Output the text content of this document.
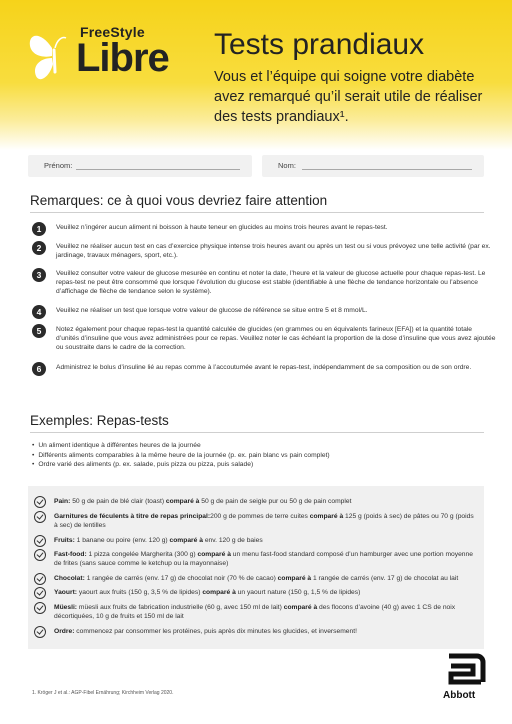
FreeStyle
Libre Tests prandiaux

Vous et l’équipe qui soigne votre diabète avez remarqué qu’il serait utile de réaliser des tests prandiaux¹.

Prénom:	Nom:
Remarques: ce à quoi vous devriez faire attention
1	Veuillez n’ingérer aucun aliment ni boisson à haute teneur en glucides au moins trois heures avant le repas-test.

2	Veuillez ne réaliser aucun test en cas d’exercice physique intense trois heures avant ou après un test ou si vous prévoyez une telle activité (par ex. jardinage, travaux ménagers, sport, etc.).

3	Veuillez consulter votre valeur de glucose mesurée en continu et noter la date, l’heure et la valeur de glucose actuelle pour chaque repas-test. Le repas-test ne peut être consommé que lorsque l’évolution du glucose est stable (identifiable à une flèche de tendance horizontale ou l’absence d’affichage de flèche de tendance selon le système).

4	Veuillez ne réaliser un test que lorsque votre valeur de glucose de référence se situe entre 5 et 8 mmol/L.

5	Notez également pour chaque repas-test la quantité calculée de glucides (en grammes ou en équivalents farineux [EFA]) et la quantité totale d’unités d’insuline que vous avez administrées pour ce repas. Veuillez noter le cas échéant la proportion de la dose d’insuline que vous avez ajoutée ou soustraite dans le cadre de la correction.

6	Administrez le bolus d’insuline lié au repas comme à l’accoutumée avant le repas-test, indépendamment de sa composition ou de son ordre.

Exemples: Repas-tests
• Un aliment identique à différentes heures de la journée
• Différents aliments comparables à la même heure de la journée (p. ex. pain blanc vs pain complet)
• Ordre varié des aliments (p. ex. salade, puis pizza ou pizza, puis salade)

Pain: 50 g de pain de blé clair (toast) comparé à 50 g de pain de seigle pur ou 50 g de pain complet

Garnitures de féculents à titre de repas principal:200 g de pommes de terre cuites comparé à 125 g (poids à sec) de pâtes ou 70 g (poids à sec) de lentilles

Fruits: 1 banane ou poire (env. 120 g) comparé à env. 120 g de baies

Fast-food: 1 pizza congelée Margherita (300 g) comparé à un menu fast-food standard composé d’un hamburger avec une portion moyenne de frites (sans sauce comme le ketchup ou la mayonnaise)

Chocolat: 1 rangée de carrés (env. 17 g) de chocolat noir (70 % de cacao) comparé à 1 rangée de carrés (env. 17 g) de chocolat au lait

Yaourt: yaourt aux fruits (150 g, 3,5 % de lipides) comparé à un yaourt nature (150 g, 1,5 % de lipides)

Müesli: müesli aux fruits de fabrication industrielle (60 g, avec 150 ml de lait) comparé à des flocons d’avoine (40 g) avec 1 CS de noix décortiquées, 10 g de fruits et 150 ml de lait

Ordre: commencez par consommer les protéines, puis après dix minutes les glucides, et inversement!

1. Kröger J et al.: AGP-Fibel Ernährung; Kirchheim Verlag 2020.	Abbott
